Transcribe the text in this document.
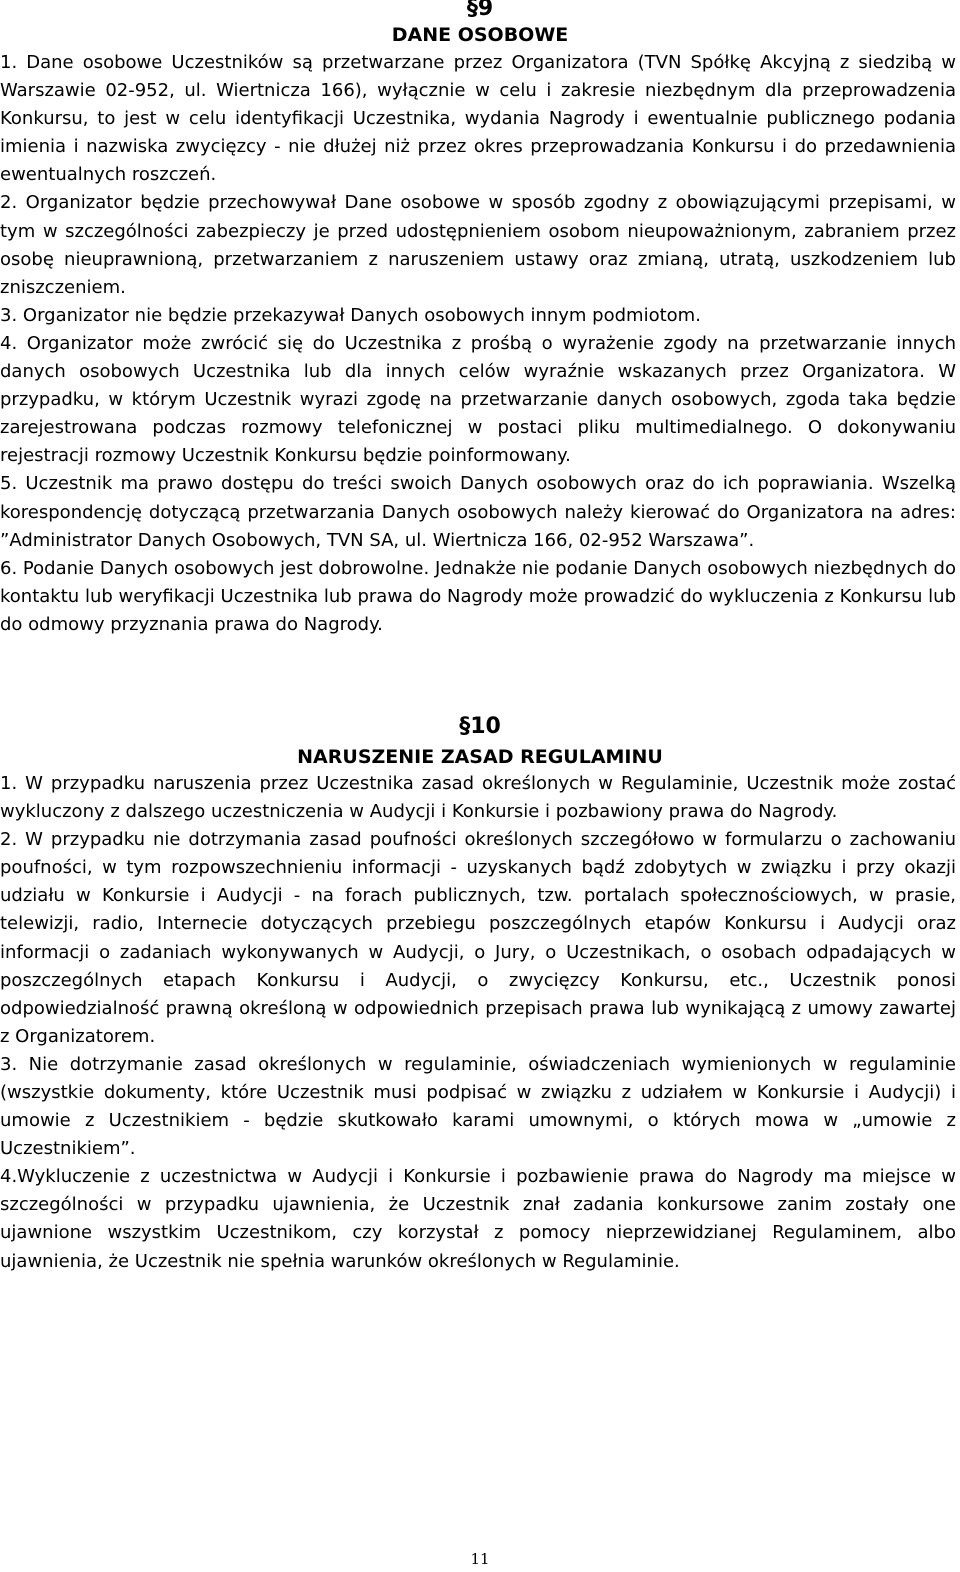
§9
DANE OSOBOWE

1. Dane osobowe Uczestników są przetwarzane przez Organizatora (TVN Spółkę Akcyjną z siedzibą w Warszawie 02-952, ul. Wiertnicza 166), wyłącznie w celu i zakresie niezbędnym dla przeprowadzenia Konkursu, to jest w celu identyfikacji Uczestnika, wydania Nagrody i ewentualnie publicznego podania imienia i nazwiska zwycięzcy - nie dłużej niż przez okres przeprowadzania Konkursu i do przedawnienia ewentualnych roszczeń.

2. Organizator będzie przechowywał Dane osobowe w sposób zgodny z obowiązującymi przepisami, w tym w szczególności zabezpieczy je przed udostępnieniem osobom nieupoważnionym, zabraniem przez osobę nieuprawnioną, przetwarzaniem z naruszeniem ustawy oraz zmianą, utratą, uszkodzeniem lub zniszczeniem.

3. Organizator nie będzie przekazywał Danych osobowych innym podmiotom.

4. Organizator może zwrócić się do Uczestnika z prośbą o wyrażenie zgody na przetwarzanie innych danych osobowych Uczestnika lub dla innych celów wyraźnie wskazanych przez Organizatora. W przypadku, w którym Uczestnik wyrazi zgodę na przetwarzanie danych osobowych, zgoda taka będzie zarejestrowana podczas rozmowy telefonicznej w postaci pliku multimedialnego. O dokonywaniu rejestracji rozmowy Uczestnik Konkursu będzie poinformowany.

5. Uczestnik ma prawo dostępu do treści swoich Danych osobowych oraz do ich poprawiania. Wszelką korespondencję dotyczącą przetwarzania Danych osobowych należy kierować do Organizatora na adres: ”Administrator Danych Osobowych, TVN SA, ul. Wiertnicza 166, 02-952 Warszawa”.

6. Podanie Danych osobowych jest dobrowolne. Jednakże nie podanie Danych osobowych niezbędnych do kontaktu lub weryfikacji Uczestnika lub prawa do Nagrody może prowadzić do wykluczenia z Konkursu lub do odmowy przyznania prawa do Nagrody.

§10
NARUSZENIE ZASAD REGULAMINU

1. W przypadku naruszenia przez Uczestnika zasad określonych w Regulaminie, Uczestnik może zostać wykluczony z dalszego uczestniczenia w Audycji i Konkursie i pozbawiony prawa do Nagrody.

2. W przypadku nie dotrzymania zasad poufności określonych szczegółowo w formularzu o zachowaniu poufności, w tym rozpowszechnieniu informacji - uzyskanych bądź zdobytych w związku i przy okazji udziału w Konkursie i Audycji - na forach publicznych, tzw. portalach społecznościowych, w prasie, telewizji, radio, Internecie dotyczących przebiegu poszczególnych etapów Konkursu i Audycji oraz informacji o zadaniach wykonywanych w Audycji, o Jury, o Uczestnikach, o osobach odpadających w poszczególnych etapach Konkursu i Audycji, o zwycięzcy Konkursu, etc., Uczestnik ponosi odpowiedzialność prawną określoną w odpowiednich przepisach prawa lub wynikającą z umowy zawartej z Organizatorem.

3. Nie dotrzymanie zasad określonych w regulaminie, oświadczeniach wymienionych w regulaminie (wszystkie dokumenty, które Uczestnik musi podpisać w związku z udziałem w Konkursie i Audycji) i umowie z Uczestnikiem - będzie skutkowało karami umownymi, o których mowa w „umowie z Uczestnikiem”.

4.Wykluczenie z uczestnictwa w Audycji i Konkursie i pozbawienie prawa do Nagrody ma miejsce w szczególności w przypadku ujawnienia, że Uczestnik znał zadania konkursowe zanim zostały one ujawnione wszystkim Uczestnikom, czy korzystał z pomocy nieprzewidzianej Regulaminem, albo ujawnienia, że Uczestnik nie spełnia warunków określonych w Regulaminie.

11
